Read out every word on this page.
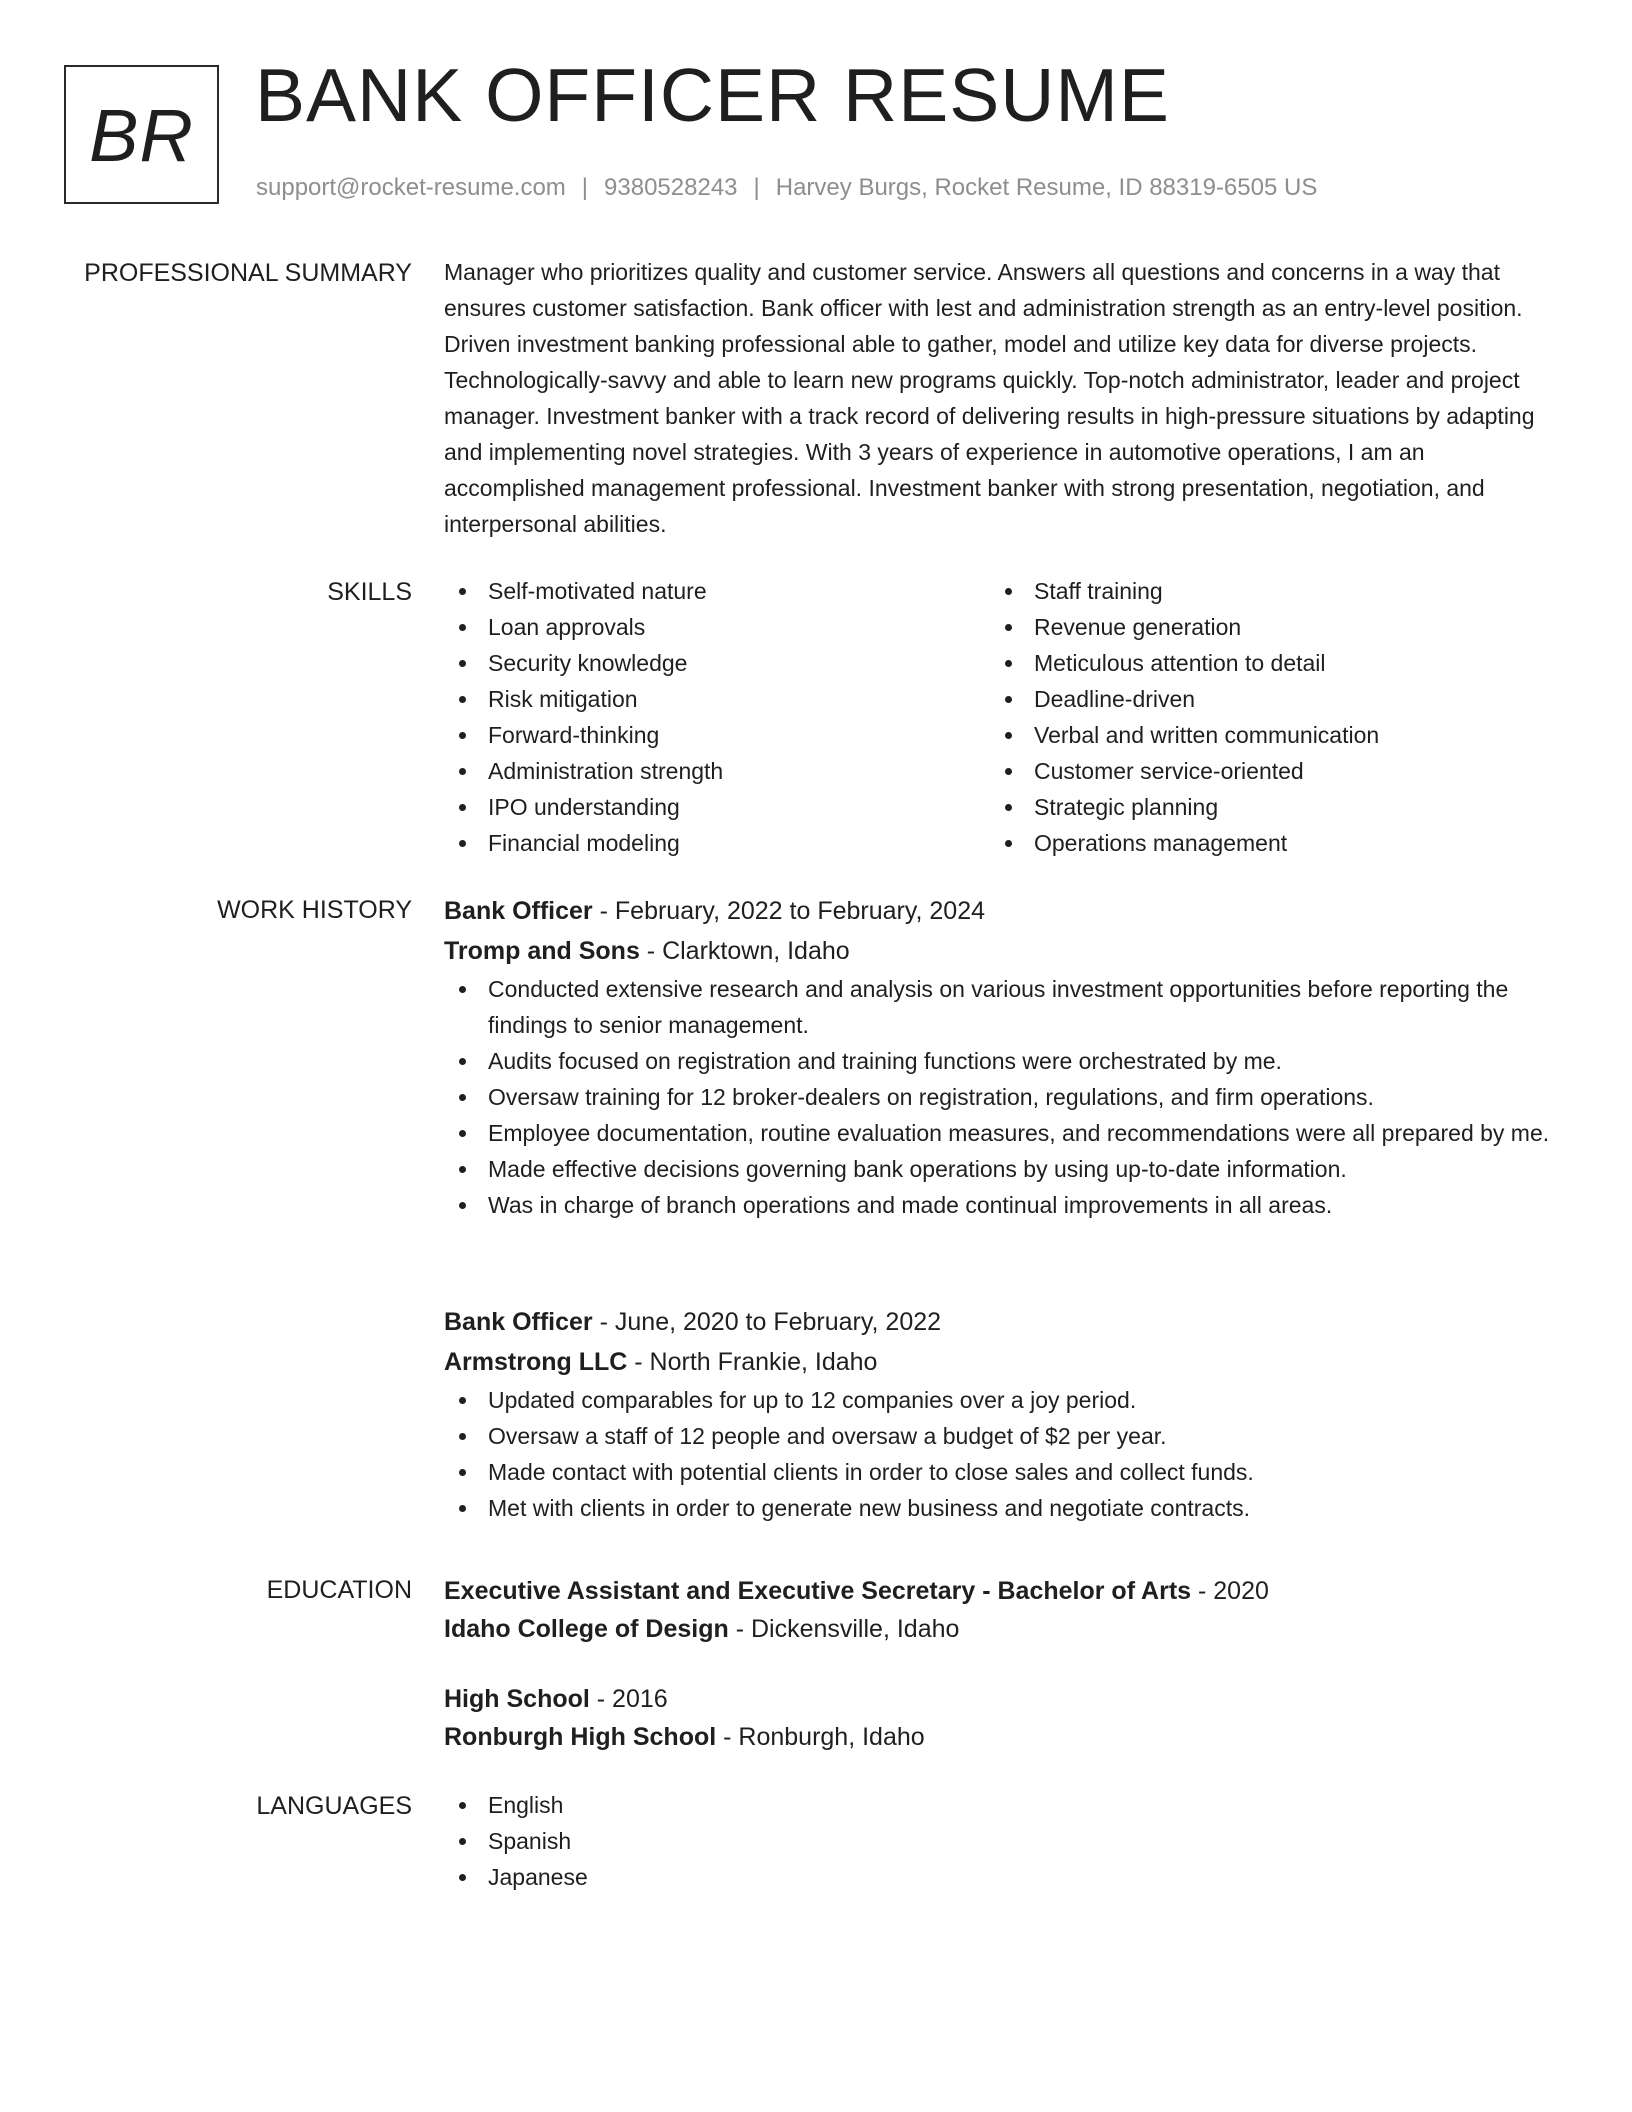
BR BANK OFFICER RESUME
support@rocket-resume.com | 9380528243 | Harvey Burgs, Rocket Resume, ID 88319-6505 US
PROFESSIONAL SUMMARY Manager who prioritizes quality and customer service. Answers all questions and concerns in a way that ensures customer satisfaction. Bank officer with lest and administration strength as an entry-level position. Driven investment banking professional able to gather, model and utilize key data for diverse projects. Technologically-savvy and able to learn new programs quickly. Top-notch administrator, leader and project manager. Investment banker with a track record of delivering results in high-pressure situations by adapting and implementing novel strategies. With 3 years of experience in automotive operations, I am an accomplished management professional. Investment banker with strong presentation, negotiation, and interpersonal abilities.

SKILLS	Self-motivated nature
Loan approvals
Security knowledge
Risk mitigation
Forward-thinking
Administration strength
IPO understanding
Financial modeling
Staff training
Revenue generation
Meticulous attention to detail
Deadline-driven
Verbal and written communication
Customer service-oriented
Strategic planning
Operations management
WORK HISTORY Bank Officer - February, 2022 to February, 2024
Tromp and Sons - Clarktown, Idaho
Conducted extensive research and analysis on various investment opportunities before reporting the findings to senior management.
Audits focused on registration and training functions were orchestrated by me.
Oversaw training for 12 broker-dealers on registration, regulations, and firm operations.
Employee documentation, routine evaluation measures, and recommendations were all prepared by me.
Made effective decisions governing bank operations by using up-to-date information.
Was in charge of branch operations and made continual improvements in all areas.
Bank Officer - June, 2020 to February, 2022
Armstrong LLC - North Frankie, Idaho
Updated comparables for up to 12 companies over a joy period.
Oversaw a staff of 12 people and oversaw a budget of $2 per year.
Made contact with potential clients in order to close sales and collect funds.
Met with clients in order to generate new business and negotiate contracts.
EDUCATION Executive Assistant and Executive Secretary - Bachelor of Arts - 2020
Idaho College of Design - Dickensville, Idaho
High School - 2016
Ronburgh High School - Ronburgh, Idaho
LANGUAGES	English
Spanish
Japanese
